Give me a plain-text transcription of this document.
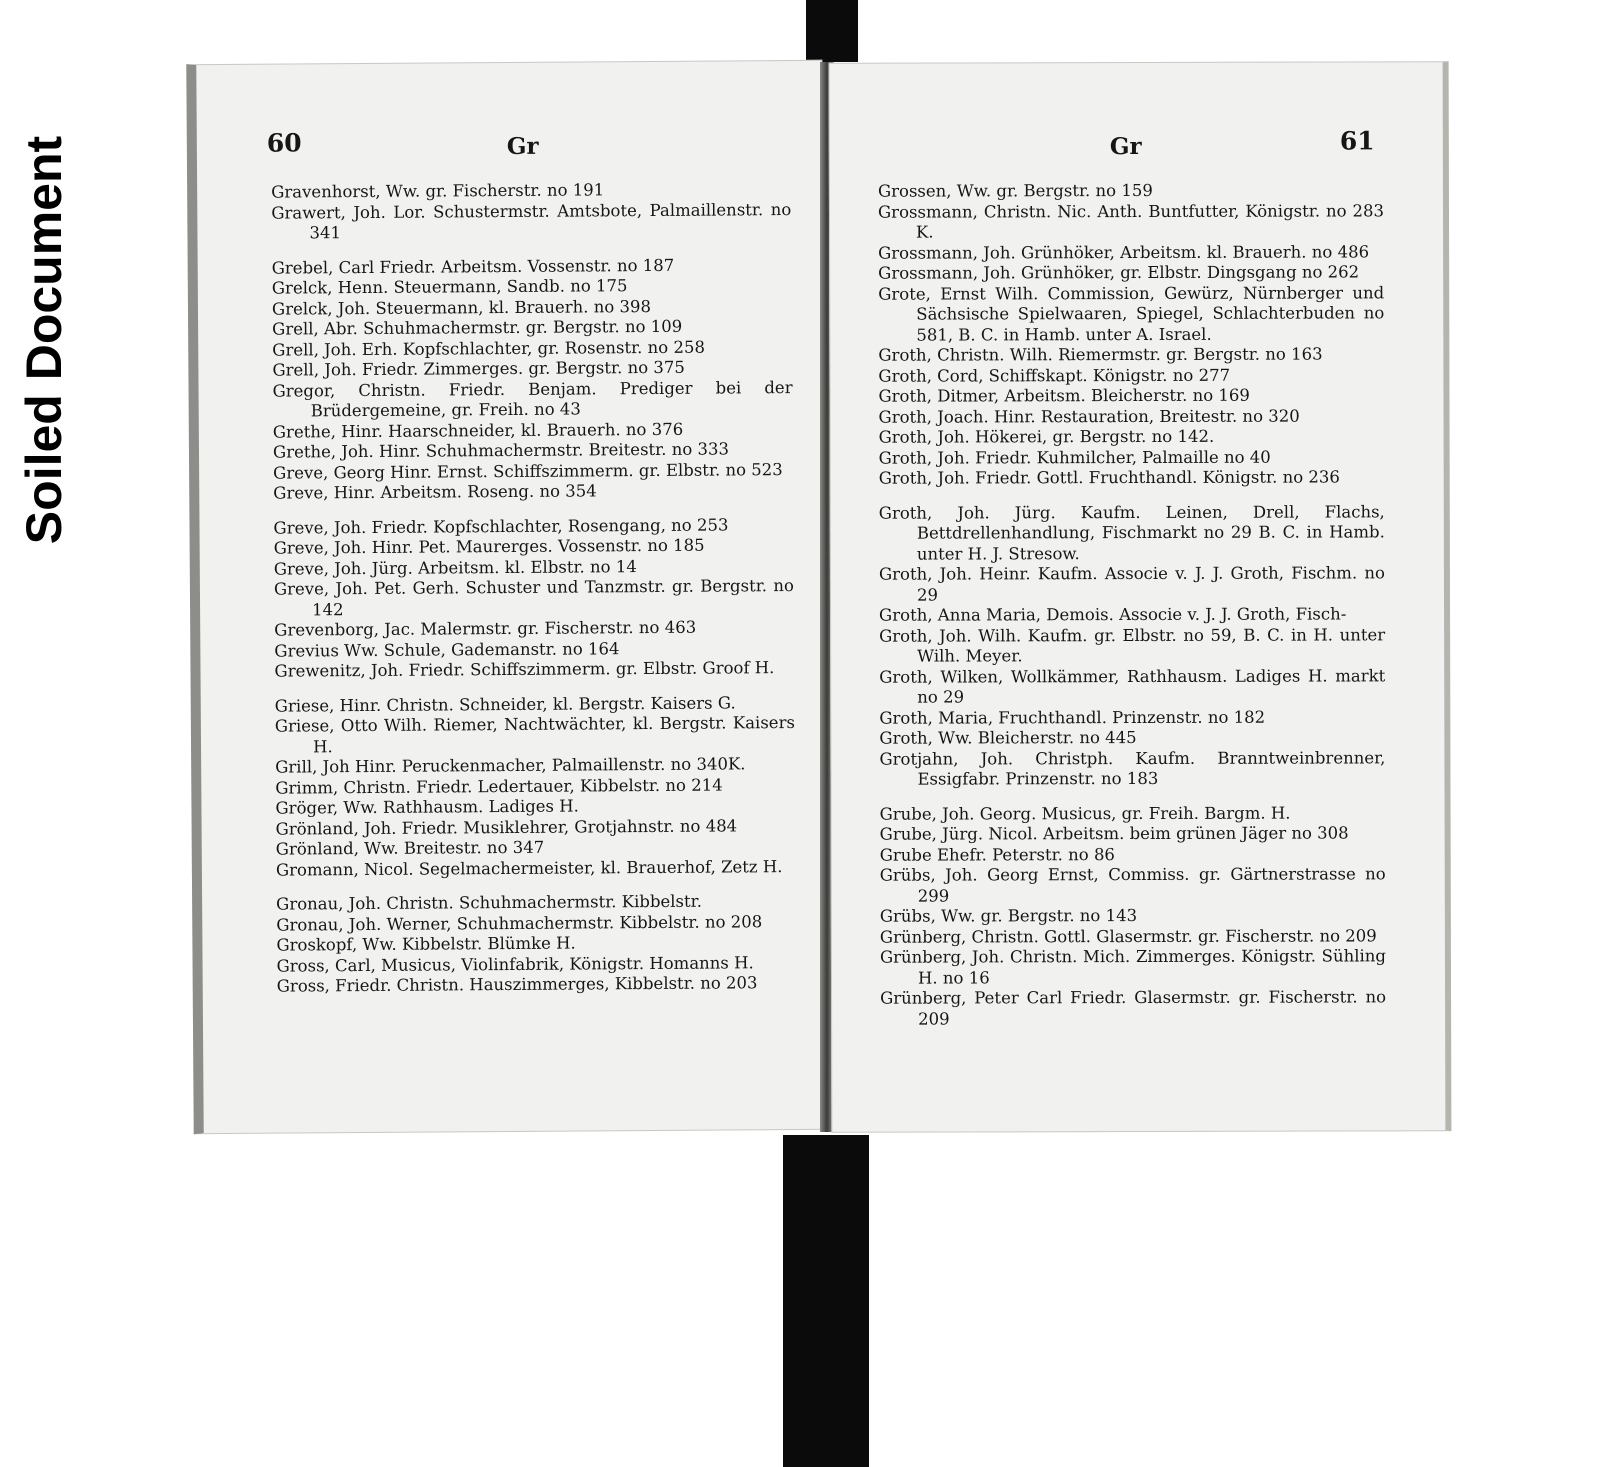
Soiled Document	60	Gr
Gravenhorst, Ww. gr. Fischerstr. no 191
Grawert, Joh. Lor. Schustermstr. Amtsbote, Palmaillenstr. no 341
Grebel, Carl Friedr. Arbeitsm. Vossenstr. no 187
Grelck, Henn. Steuermann, Sandb. no 175
Grelck, Joh. Steuermann, kl. Brauerh. no 398
Grell, Abr. Schuhmachermstr. gr. Bergstr. no 109
Grell, Joh. Erh. Kopfschlachter, gr. Rosenstr. no 258
Grell, Joh. Friedr. Zimmerges. gr. Bergstr. no 375
Gregor, Christn. Friedr. Benjam. Prediger bei der Brüdergemeine, gr. Freih. no 43
Grethe, Hinr. Haarschneider, kl. Brauerh. no 376
Grethe, Joh. Hinr. Schuhmachermstr. Breitestr. no 333
Greve, Georg Hinr. Ernst. Schiffszimmerm. gr. Elbstr. no 523
Greve, Hinr. Arbeitsm. Roseng. no 354
Greve, Joh. Friedr. Kopfschlachter, Rosengang, no 253
Greve, Joh. Hinr. Pet. Maurerges. Vossenstr. no 185
Greve, Joh. Jürg. Arbeitsm. kl. Elbstr. no 14
Greve, Joh. Pet. Gerh. Schuster und Tanzmstr. gr. Bergstr. no 142
Grevenborg, Jac. Malermstr. gr. Fischerstr. no 463
Grevius Ww. Schule, Gademanstr. no 164
Grewenitz, Joh. Friedr. Schiffszimmerm. gr. Elbstr. Groof H.
Griese, Hinr. Christn. Schneider, kl. Bergstr. Kaisers G.
Griese, Otto Wilh. Riemer, Nachtwächter, kl. Bergstr. Kaisers H.
Grill, Joh Hinr. Peruckenmacher, Palmaillenstr. no 340K.
Grimm, Christn. Friedr. Ledertauer, Kibbelstr. no 214
Gröger, Ww. Rathhausm. Ladiges H.
Grönland, Joh. Friedr. Musiklehrer, Grotjahnstr. no 484
Grönland, Ww. Breitestr. no 347
Gromann, Nicol. Segelmachermeister, kl. Brauerhof, Zetz H.
Gronau, Joh. Christn. Schuhmachermstr. Kibbelstr.
Gronau, Joh. Werner, Schuhmachermstr. Kibbelstr. no 208
Groskopf, Ww. Kibbelstr. Blümke H.
Gross, Carl, Musicus, Violinfabrik, Königstr. Homanns H.
Gross, Friedr. Christn. Hauszimmerges, Kibbelstr. no 203
Gr	61
Grossen, Ww. gr. Bergstr. no 159
Grossmann, Christn. Nic. Anth. Buntfutter, Königstr. no 283 K.
Grossmann, Joh. Grünhöker, Arbeitsm. kl. Brauerh. no 486
Grossmann, Joh. Grünhöker, gr. Elbstr. Dingsgang no 262
Grote, Ernst Wilh. Commission, Gewürz, Nürnberger und Sächsische Spielwaaren, Spiegel, Schlachterbuden no 581, B. C. in Hamb. unter A. Israel.
Groth, Christn. Wilh. Riemermstr. gr. Bergstr. no 163
Groth, Cord, Schiffskapt. Königstr. no 277
Groth, Ditmer, Arbeitsm. Bleicherstr. no 169
Groth, Joach. Hinr. Restauration, Breitestr. no 320
Groth, Joh. Hökerei, gr. Bergstr. no 142.
Groth, Joh. Friedr. Kuhmilcher, Palmaille no 40
Groth, Joh. Friedr. Gottl. Fruchthandl. Königstr. no 236
Groth, Joh. Jürg. Kaufm. Leinen, Drell, Flachs, Bettdrellenhandlung, Fischmarkt no 29 B. C. in Hamb. unter H. J. Stresow.
Groth, Joh. Heinr. Kaufm. Associe v. J. J. Groth, Fischm. no 29
Groth, Anna Maria, Demois. Associe v. J. J. Groth, Fisch-
Groth, Joh. Wilh. Kaufm. gr. Elbstr. no 59, B. C. in H. unter Wilh. Meyer.
Groth, Wilken, Wollkämmer, Rathhausm. Ladiges H. markt no 29
Groth, Maria, Fruchthandl. Prinzenstr. no 182
Groth, Ww. Bleicherstr. no 445
Grotjahn, Joh. Christph. Kaufm. Branntweinbrenner, Essigfabr. Prinzenstr. no 183
Grube, Joh. Georg. Musicus, gr. Freih. Bargm. H.
Grube, Jürg. Nicol. Arbeitsm. beim grünen Jäger no 308
Grube Ehefr. Peterstr. no 86
Grübs, Joh. Georg Ernst, Commiss. gr. Gärtnerstrasse no 299
Grübs, Ww. gr. Bergstr. no 143
Grünberg, Christn. Gottl. Glasermstr. gr. Fischerstr. no 209
Grünberg, Joh. Christn. Mich. Zimmerges. Königstr. Sühling H. no 16
Grünberg, Peter Carl Friedr. Glasermstr. gr. Fischerstr. no 209
